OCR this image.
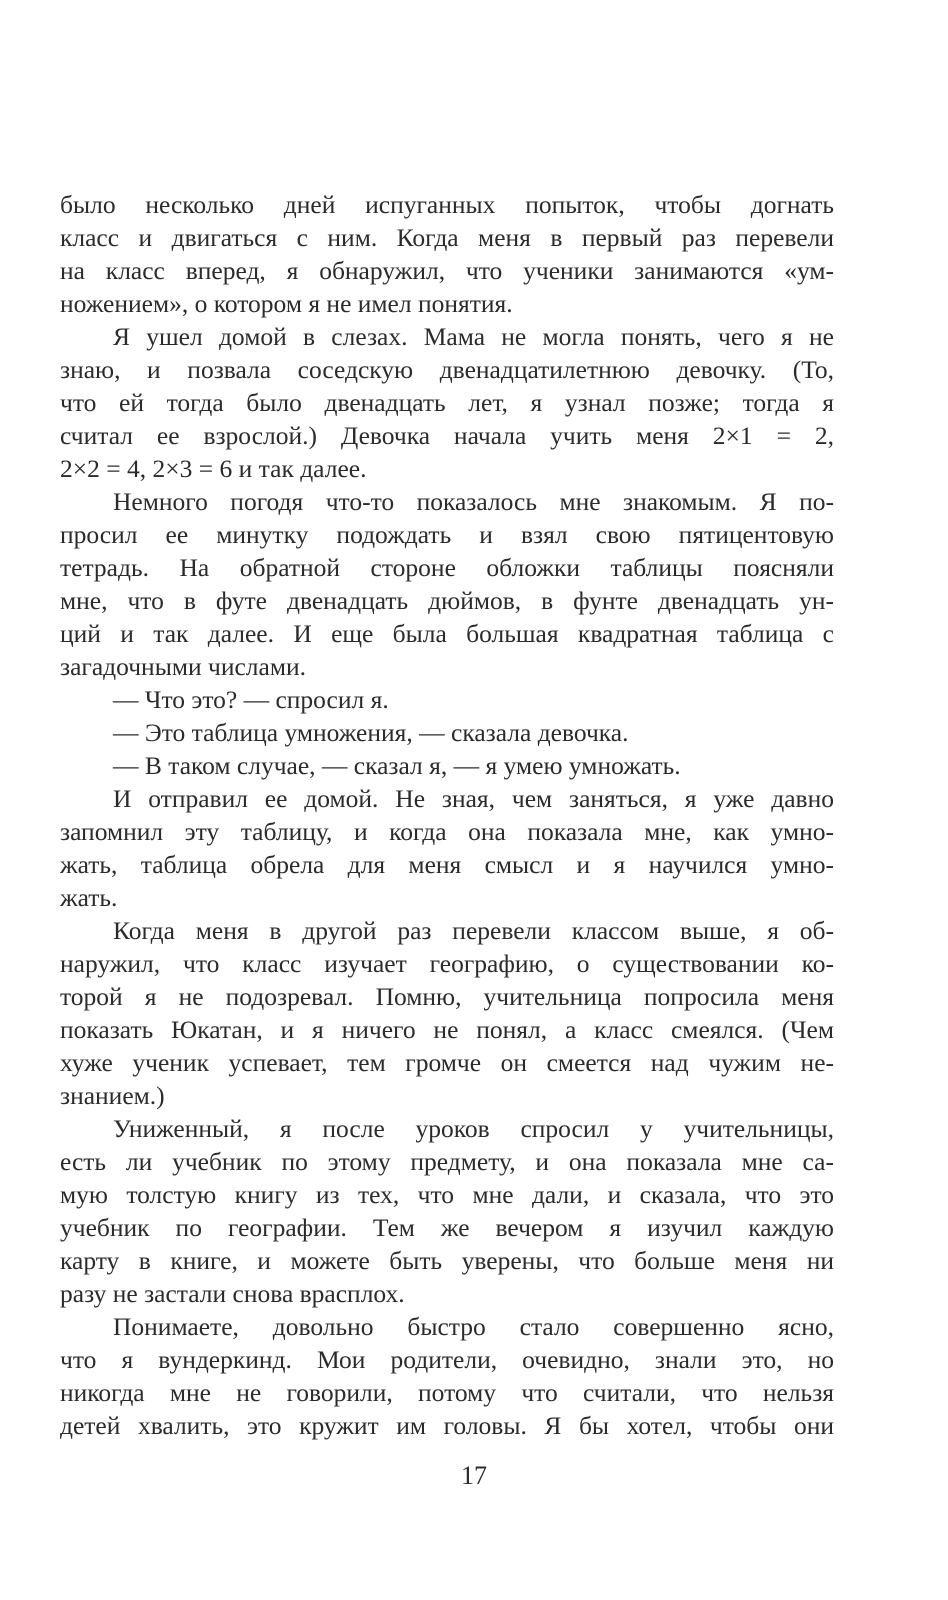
было несколько дней испуганных попыток, чтобы догнать
класс и двигаться с ним. Когда меня в первый раз перевели
на класс вперед, я обнаружил, что ученики занимаются «ум-
ножением», о котором я не имел понятия.
Я ушел домой в слезах. Мама не могла понять, чего я не
знаю, и позвала соседскую двенадцатилетнюю девочку. (То,
что ей тогда было двенадцать лет, я узнал позже; тогда я
считал ее взрослой.) Девочка начала учить меня 2×1 = 2,
2×2 = 4, 2×3 = 6 и так далее.
Немного погодя что-то показалось мне знакомым. Я по-
просил ее минутку подождать и взял свою пятицентовую
тетрадь. На обратной стороне обложки таблицы поясняли
мне, что в футе двенадцать дюймов, в фунте двенадцать ун-
ций и так далее. И еще была большая квадратная таблица с
загадочными числами.
— Что это? — спросил я.
— Это таблица умножения, — сказала девочка.
— В таком случае, — сказал я, — я умею умножать.
И отправил ее домой. Не зная, чем заняться, я уже давно
запомнил эту таблицу, и когда она показала мне, как умно-
жать, таблица обрела для меня смысл и я научился умно-
жать.
Когда меня в другой раз перевели классом выше, я об-
наружил, что класс изучает географию, о существовании ко-
торой я не подозревал. Помню, учительница попросила меня
показать Юкатан, и я ничего не понял, а класс смеялся. (Чем
хуже ученик успевает, тем громче он смеется над чужим не-
знанием.)
Униженный, я после уроков спросил у учительницы,
есть ли учебник по этому предмету, и она показала мне са-
мую толстую книгу из тех, что мне дали, и сказала, что это
учебник по географии. Тем же вечером я изучил каждую
карту в книге, и можете быть уверены, что больше меня ни
разу не застали снова врасплох.
Понимаете, довольно быстро стало совершенно ясно,
что я вундеркинд. Мои родители, очевидно, знали это, но
никогда мне не говорили, потому что считали, что нельзя
детей хвалить, это кружит им головы. Я бы хотел, чтобы они
17
